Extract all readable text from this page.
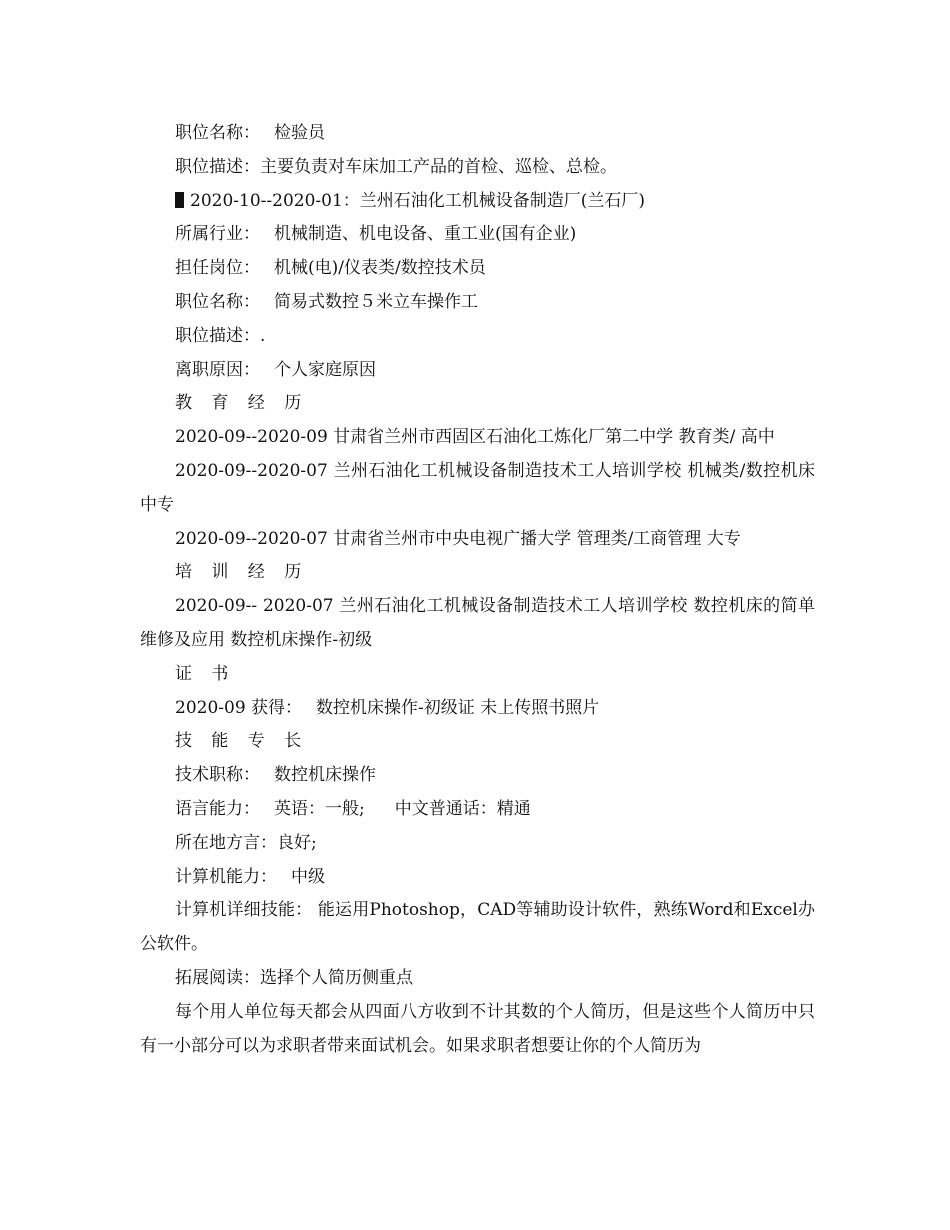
职位名称： 检验员
职位描述：主要负责对车床加工产品的首检、巡检、总检。
2020-10--2020-01：兰州石油化工机械设备制造厂(兰石厂)
所属行业： 机械制造、机电设备、重工业(国有企业)
担任岗位： 机械(电)/仪表类/数控技术员
职位名称： 简易式数控５米立车操作工
职位描述：.
离职原因： 个人家庭原因
教 育 经 历
2020-09--2020-09 甘肃省兰州市西固区石油化工炼化厂第二中学 教育类/ 高中
2020-09--2020-07 兰州石油化工机械设备制造技术工人培训学校 机械类/数控机床 中专
2020-09--2020-07 甘肃省兰州市中央电视广播大学 管理类/工商管理 大专
培 训 经 历
2020-09-- 2020-07 兰州石油化工机械设备制造技术工人培训学校 数控机床的简单维修及应用 数控机床操作-初级
证 书
2020-09 获得： 数控机床操作-初级证 未上传照书照片
技 能 专 长
技术职称： 数控机床操作
语言能力： 英语：一般; 中文普通话：精通
所在地方言：良好;
计算机能力： 中级
计算机详细技能： 能运用Photoshop，CAD等辅助设计软件，熟练Word和Excel办公软件。
拓展阅读：选择个人简历侧重点
每个用人单位每天都会从四面八方收到不计其数的个人简历，但是这些个人简历中只有一小部分可以为求职者带来面试机会。如果求职者想要让你的个人简历为
